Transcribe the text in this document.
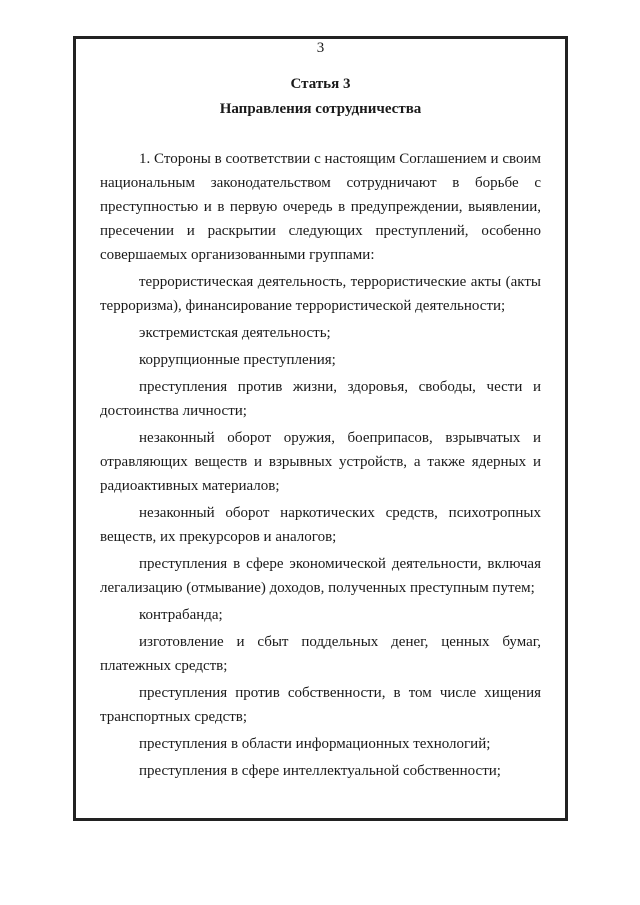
3
Статья 3
Направления сотрудничества

1. Стороны в соответствии с настоящим Соглашением и своим национальным законодательством сотрудничают в борьбе с преступностью и в первую очередь в предупреждении, выявлении, пресечении и раскрытии следующих преступлений, особенно совершаемых организованными группами:

террористическая деятельность, террористические акты (акты терроризма), финансирование террористической деятельности;

экстремистская деятельность;

коррупционные преступления;

преступления против жизни, здоровья, свободы, чести и достоинства личности;

незаконный оборот оружия, боеприпасов, взрывчатых и отравляющих веществ и взрывных устройств, а также ядерных и радиоактивных материалов;

незаконный оборот наркотических средств, психотропных веществ, их прекурсоров и аналогов;

преступления в сфере экономической деятельности, включая легализацию (отмывание) доходов, полученных преступным путем;

контрабанда;

изготовление и сбыт поддельных денег, ценных бумаг, платежных средств;

преступления против собственности, в том числе хищения транспортных средств;

преступления в области информационных технологий;

преступления в сфере интеллектуальной собственности;
